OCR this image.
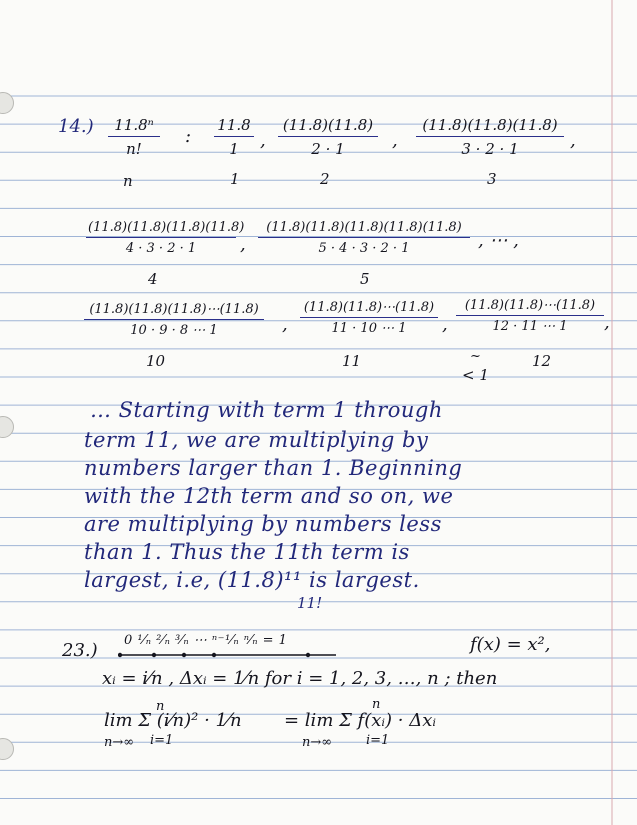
$14.) \frac{\text{11.8ⁿ}}{n!}$ : $\frac{11.8}{1}$ , $\frac{(11.8)(11.8)}{2 \cdot 1}$ , $\frac{(11.8)(11.8)(11.8)}{3 \cdot 2 \cdot 1}$ ,
n	1	2	3
$\frac{(11.8)(11.8)(11.8)(11.8)}{4 \cdot 3 \cdot 2 \cdot 1}$ , $\frac{(11.8)(11.8)(11.8)(11.8)(11.8)}{5 \cdot 4 \cdot 3 \cdot 2 \cdot 1}$ , ⋯ ,
4	5
$\frac{(11.8)(11.8)(11.8)\cdots(11.8)}{10 \cdot 9 \cdot 8 \cdots 1}$ , $\frac{(11.8)(11.8)\cdots(11.8)}{11 \cdot 10 \cdots 1}$ , $\frac{(11.8)(11.8)\cdots(11.8)}{12 \cdot 11 \cdots 1}$ ,
10	11	12
~
< 1
… Starting with term 1 through
term 11, we are multiplying by
numbers larger than 1. Beginning
with the 12th term and so on, we
are multiplying by numbers less
than 1. Thus the 11th term is
largest, i.e, (11.8)¹¹ is largest.
11!
23.) 0 ¹⁄ₙ ²⁄ₙ ³⁄ₙ ⋯ ⁿ⁻¹⁄ₙ ⁿ⁄ₙ = 1	f(x) = x²,
xᵢ = i⁄n , Δxᵢ = 1⁄n for i = 1, 2, 3, …, n ; then
lim Σ (i⁄n)² · 1⁄n = lim Σ f(xᵢ) · Δxᵢ
n→∞	n→∞
i=1	i=1
n	n
